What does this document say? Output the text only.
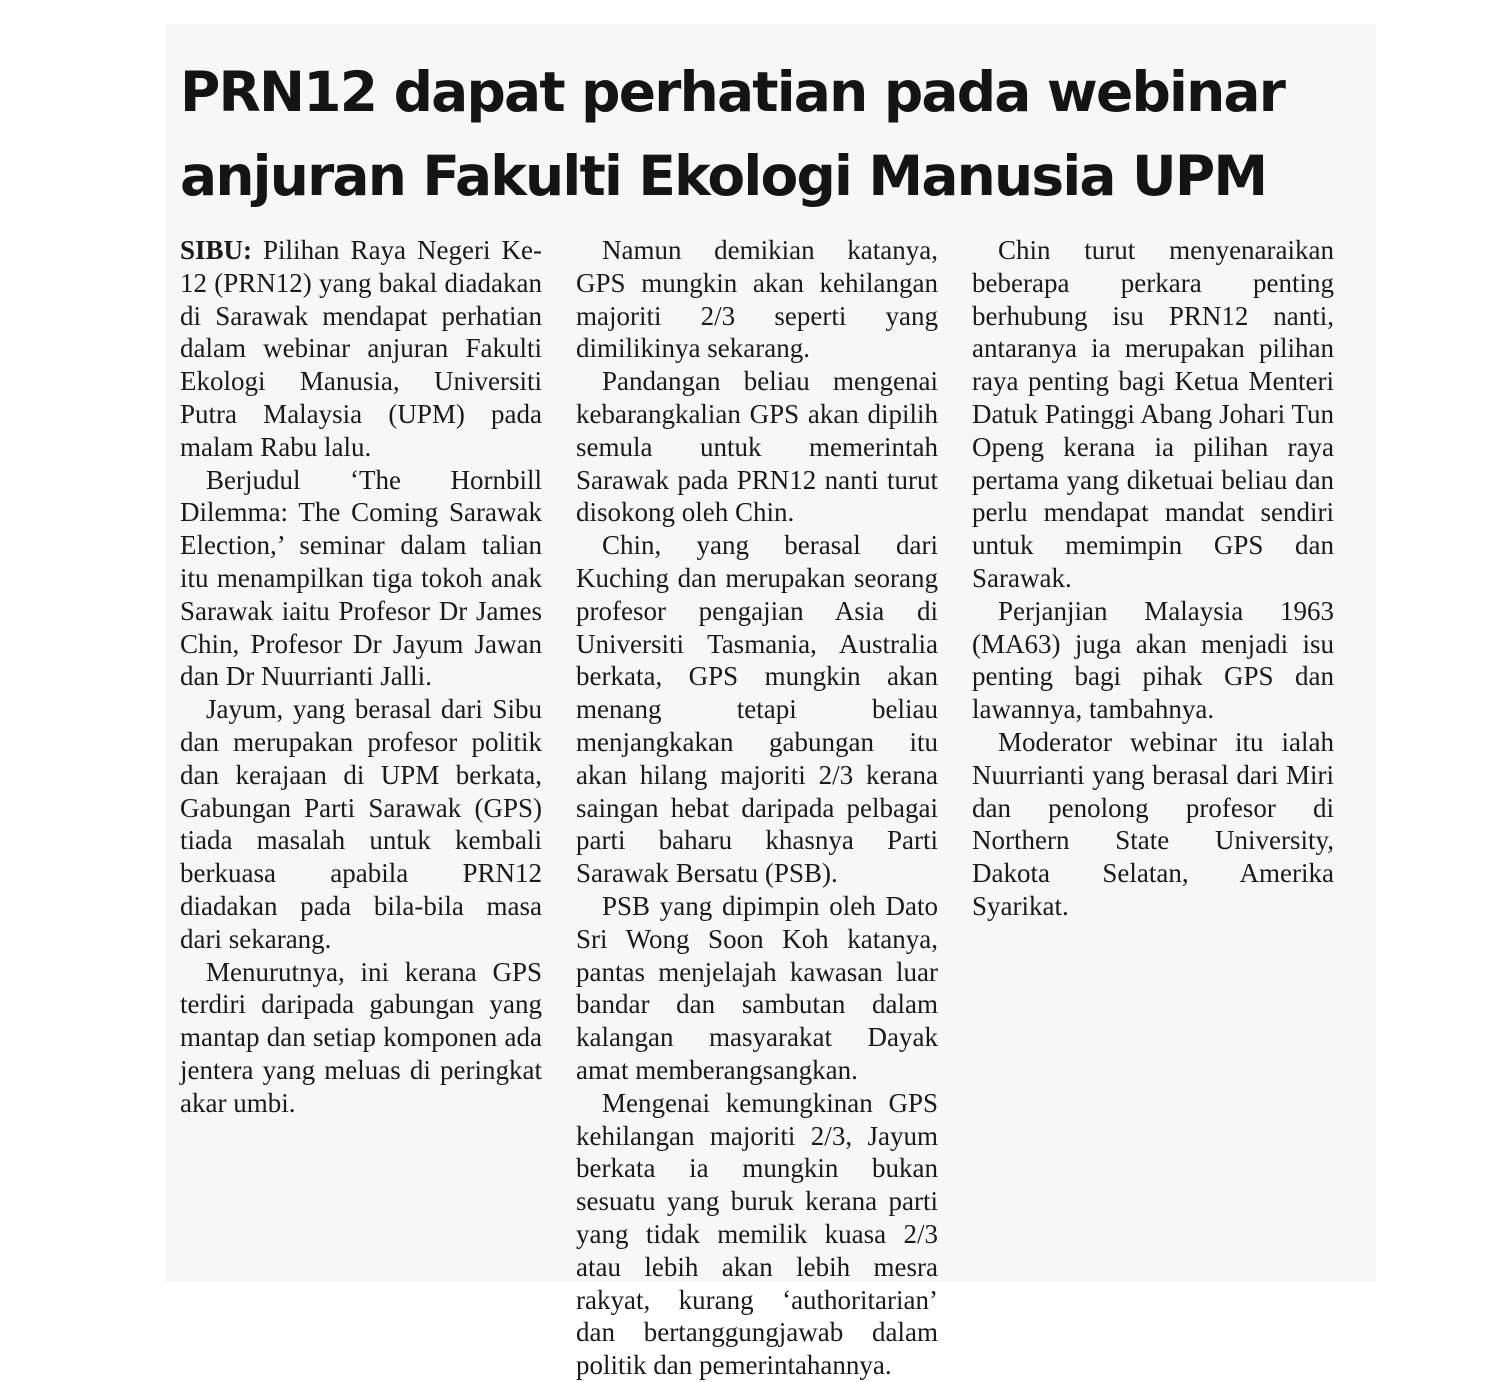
PRN12 dapat perhatian pada webinar
anjuran Fakulti Ekologi Manusia UPM

SIBU: Pilihan Raya Negeri Ke-12 (PRN12) yang bakal diadakan di Sarawak mendapat perhatian dalam webinar anjuran Fakulti Ekologi Manusia, Universiti Putra Malaysia (UPM) pada malam Rabu lalu.

Berjudul ‘The Hornbill Dilemma: The Coming Sarawak Election,’ seminar dalam talian itu menampilkan tiga tokoh anak Sarawak iaitu Profesor Dr James Chin, Profesor Dr Jayum Jawan dan Dr Nuurrianti Jalli.

Jayum, yang berasal dari Sibu dan merupakan profesor politik dan kerajaan di UPM berkata, Gabungan Parti Sarawak (GPS) tiada masalah untuk kembali berkuasa apabila PRN12 diadakan pada bila-bila masa dari sekarang.

Menurutnya, ini kerana GPS terdiri daripada gabungan yang mantap dan setiap komponen ada jentera yang meluas di peringkat akar umbi.

Namun demikian katanya, GPS mungkin akan kehilangan majoriti 2/3 seperti yang dimilikinya sekarang.

Pandangan beliau mengenai kebarangkalian GPS akan dipilih semula untuk memerintah Sarawak pada PRN12 nanti turut disokong oleh Chin.

Chin, yang berasal dari Kuching dan merupakan seorang profesor pengajian Asia di Universiti Tasmania, Australia berkata, GPS mungkin akan menang tetapi beliau menjangkakan gabungan itu akan hilang majoriti 2/3 kerana saingan hebat daripada pelbagai parti baharu khasnya Parti Sarawak Bersatu (PSB).

PSB yang dipimpin oleh Dato Sri Wong Soon Koh katanya, pantas menjelajah kawasan luar bandar dan sambutan dalam kalangan masyarakat Dayak amat memberangsangkan.

Mengenai kemungkinan GPS kehilangan majoriti 2/3, Jayum berkata ia mungkin bukan sesuatu yang buruk kerana parti yang tidak memilik kuasa 2/3 atau lebih akan lebih mesra rakyat, kurang ‘authoritarian’ dan bertanggungjawab dalam politik dan pemerintahannya.

Chin turut menyenaraikan beberapa perkara penting berhubung isu PRN12 nanti, antaranya ia merupakan pilihan raya penting bagi Ketua Menteri Datuk Patinggi Abang Johari Tun Openg kerana ia pilihan raya pertama yang diketuai beliau dan perlu mendapat mandat sendiri untuk memimpin GPS dan Sarawak.

Perjanjian Malaysia 1963 (MA63) juga akan menjadi isu penting bagi pihak GPS dan lawannya, tambahnya.

Moderator webinar itu ialah Nuurrianti yang berasal dari Miri dan penolong profesor di Northern State University, Dakota Selatan, Amerika Syarikat.
